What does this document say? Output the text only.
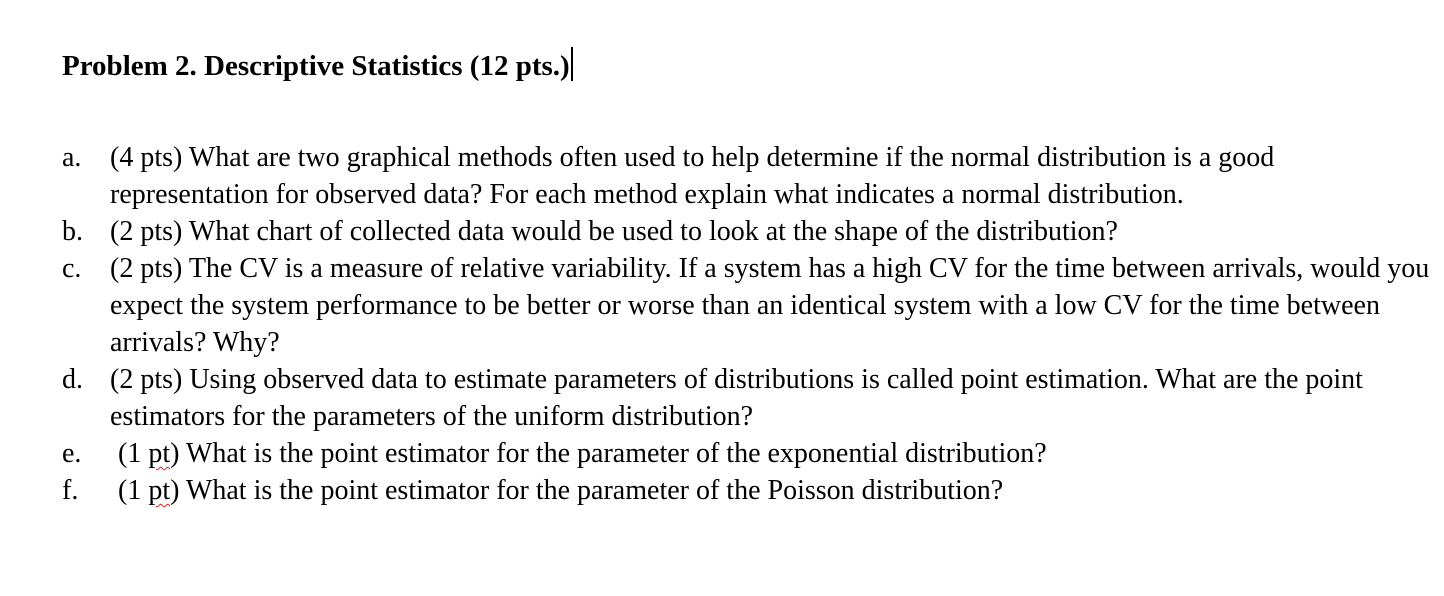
Problem 2. Descriptive Statistics (12 pts.)
a.	(4 pts) What are two graphical methods often used to help determine if the normal distribution is a good representation for observed data? For each method explain what indicates a normal distribution.
b. (2 pts) What chart of collected data would be used to look at the shape of the distribution?
c.	(2 pts) The CV is a measure of relative variability. If a system has a high CV for the time between arrivals, would you expect the system performance to be better or worse than an identical system with a low CV for the time between arrivals? Why?
d. (2 pts) Using observed data to estimate parameters of distributions is called point estimation. What are the point estimators for the parameters of the uniform distribution?
e.	(1 pt) What is the point estimator for the parameter of the exponential distribution?
f.	(1 pt) What is the point estimator for the parameter of the Poisson distribution?
